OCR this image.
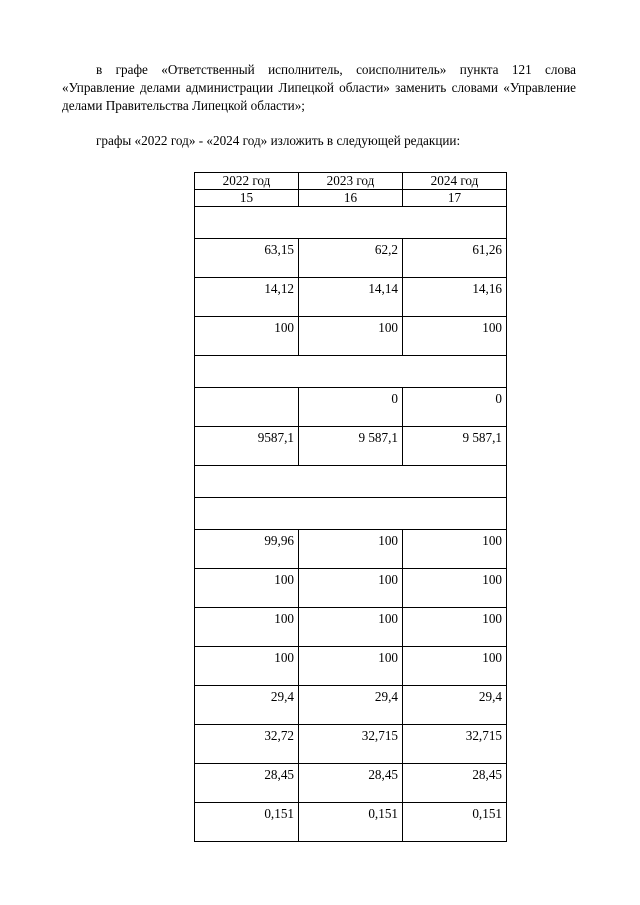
в графе «Ответственный исполнитель, соисполнитель» пункта 121 слова «Управление делами администрации Липецкой области» заменить словами «Управление делами Правительства Липецкой области»;

графы «2022 год» - «2024 год» изложить в следующей редакции:

2022 год	2023 год	2024 год
15	16	17

63,15	62,2	61,26
14,12	14,14	14,16
100	100	100

	0	0
9587,1	9 587,1	9 587,1

99,96	100	100
100	100	100
100	100	100
100	100	100
29,4	29,4	29,4
32,72	32,715	32,715
28,45	28,45	28,45
0,151	0,151	0,151
